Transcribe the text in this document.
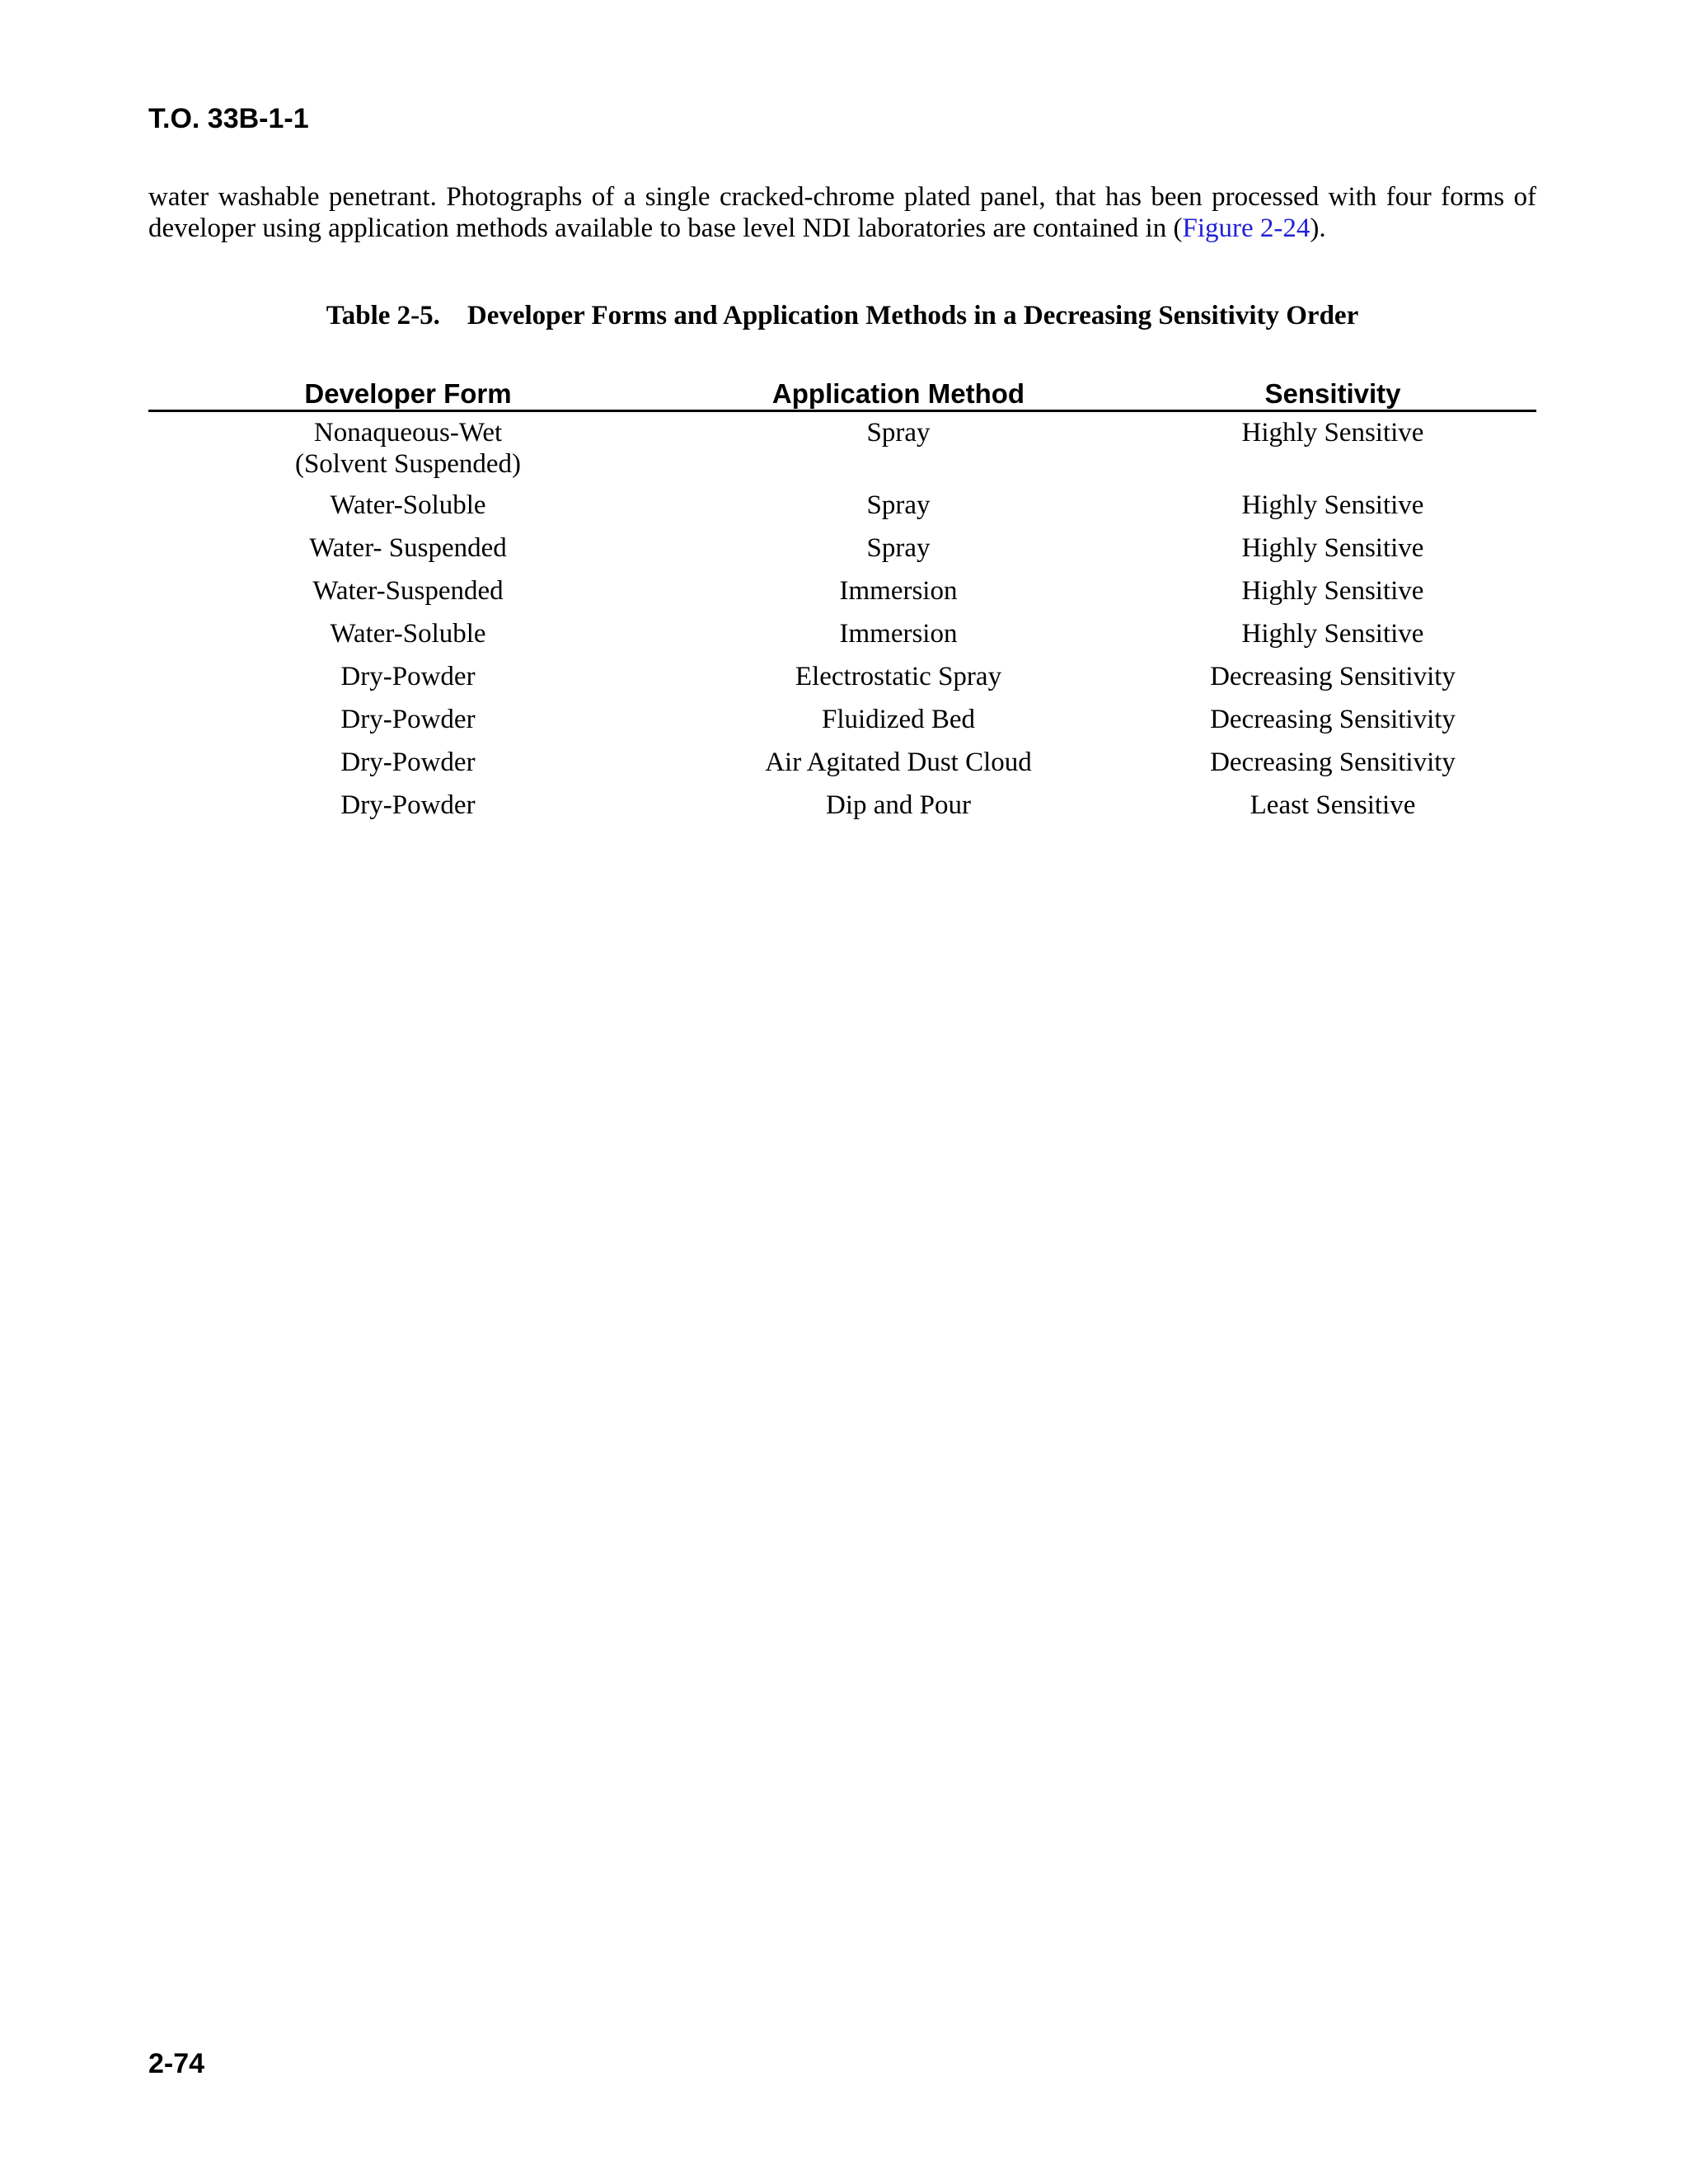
T.O. 33B-1-1

water washable penetrant. Photographs of a single cracked-chrome plated panel, that has been processed with four forms of developer using application methods available to base level NDI laboratories are contained in (Figure 2-24).

Table 2-5.    Developer Forms and Application Methods in a Decreasing Sensitivity Order
Developer Form	Application Method	Sensitivity
Nonaqueous-Wet
(Solvent Suspended)	Spray	Highly Sensitive
Water-Soluble	Spray	Highly Sensitive
Water- Suspended	Spray	Highly Sensitive
Water-Suspended	Immersion	Highly Sensitive
Water-Soluble	Immersion	Highly Sensitive
Dry-Powder	Electrostatic Spray	Decreasing Sensitivity
Dry-Powder	Fluidized Bed	Decreasing Sensitivity
Dry-Powder	Air Agitated Dust Cloud	Decreasing Sensitivity
Dry-Powder	Dip and Pour	Least Sensitive
2-74
